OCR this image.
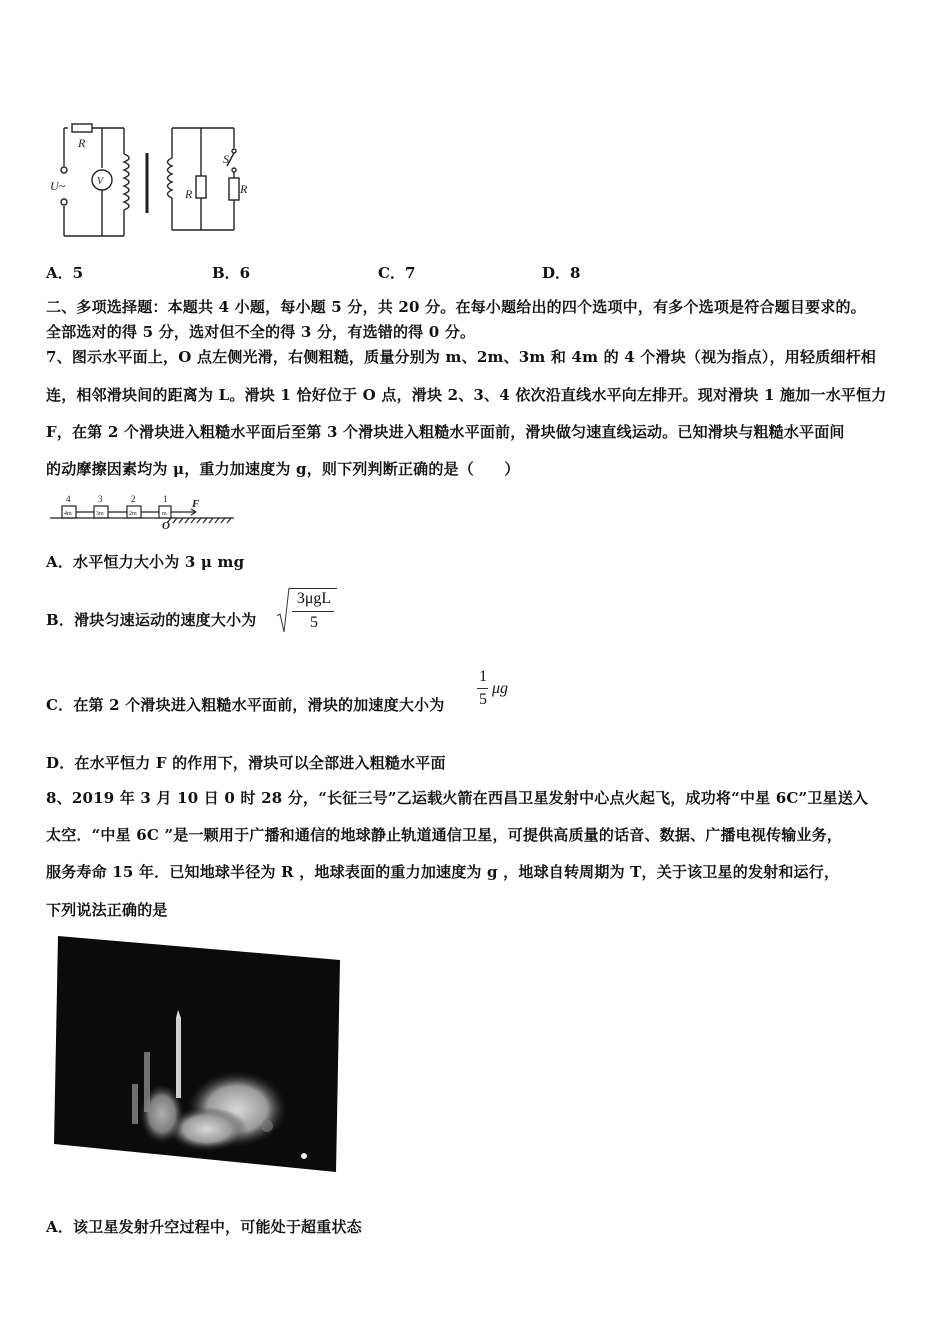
R
U~	V
S
R	R
A．5	B．6	C．7	D．8
二、多项选择题：本题共 4 小题，每小题 5 分，共 20 分。在每小题给出的四个选项中，有多个选项是符合题目要求的。
全部选对的得 5 分，选对但不全的得 3 分，有选错的得 0 分。
7、图示水平面上，O 点左侧光滑，右侧粗糙，质量分别为 m、2m、3m 和 4m 的 4 个滑块（视为指点），用轻质细杆相
连，相邻滑块间的距离为 L。滑块 1 恰好位于 O 点，滑块 2、3、4 依次沿直线水平向左排开。现对滑块 1 施加一水平恒力
F，在第 2 个滑块进入粗糙水平面后至第 3 个滑块进入粗糙水平面前，滑块做匀速直线运动。已知滑块与粗糙水平面间
的动摩擦因素均为 μ，重力加速度为 g，则下列判断正确的是（　　）
4	3	2	1
4m	3m	2m	m
F
O
A．水平恒力大小为 3 μ mg
B．滑块匀速运动的速度大小为
3μgL
5
C．在第 2 个滑块进入粗糙水平面前，滑块的加速度大小为
1
5
μg
D．在水平恒力 F 的作用下，滑块可以全部进入粗糙水平面
8、2019 年 3 月 10 日 0 时 28 分，“长征三号”乙运载火箭在西昌卫星发射中心点火起飞，成功将“中星 6C”卫星送入
太空．“中星 6C ”是一颗用于广播和通信的地球静止轨道通信卫星，可提供高质量的话音、数据、广播电视传输业务，
服务寿命 15 年．已知地球半径为 R ，地球表面的重力加速度为 g ，地球自转周期为 T，关于该卫星的发射和运行，
下列说法正确的是
A．该卫星发射升空过程中，可能处于超重状态
